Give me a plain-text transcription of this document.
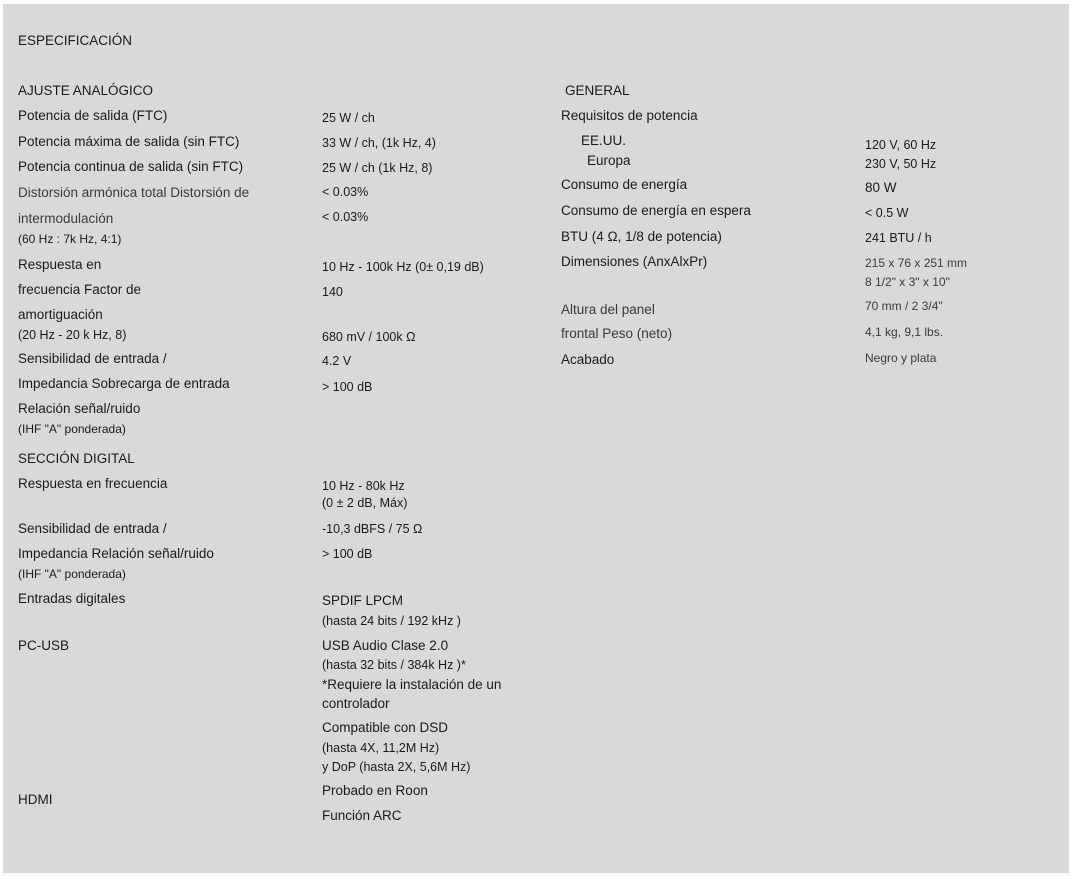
ESPECIFICACIÓN
AJUSTE ANALÓGICO
Potencia de salida (FTC)
Potencia máxima de salida (sin FTC)
Potencia continua de salida (sin FTC)
Distorsión armónica total Distorsión de
intermodulación
(60 Hz : 7k Hz, 4:1)
Respuesta en
frecuencia Factor de
amortiguación
(20 Hz - 20 k Hz, 8)
Sensibilidad de entrada /
Impedancia Sobrecarga de entrada
Relación señal/ruido
(IHF "A" ponderada)
25 W / ch
33 W / ch, (1k Hz, 4)
25 W / ch (1k Hz, 8)
< 0.03%
< 0.03%
10 Hz - 100k Hz (0± 0,19 dB)
140
680 mV / 100k Ω
4.2 V
> 100 dB
SECCIÓN DIGITAL
Respuesta en frecuencia
Sensibilidad de entrada /
Impedancia Relación señal/ruido
(IHF "A" ponderada)
Entradas digitales
PC-USB
HDMI
10 Hz - 80k Hz
(0 ± 2 dB, Máx)
-10,3 dBFS / 75 Ω
> 100 dB
SPDIF LPCM
(hasta 24 bits / 192 kHz )
USB Audio Clase 2.0
(hasta 32 bits / 384k Hz )*
*Requiere la instalación de un
controlador
Compatible con DSD
(hasta 4X, 11,2M Hz)
y DoP (hasta 2X, 5,6M Hz)
Probado en Roon
Función ARC
GENERAL
Requisitos de potencia
EE.UU.
Europa
Consumo de energía
Consumo de energía en espera
BTU (4 Ω, 1/8 de potencia)
Dimensiones (AnxAlxPr)
Altura del panel
frontal Peso (neto)
Acabado
120 V, 60 Hz
230 V, 50 Hz
80 W
< 0.5 W
241 BTU / h
215 x 76 x 251 mm
8 1/2" x 3" x 10"
70 mm / 2 3/4"
4,1 kg, 9,1 lbs.
Negro y plata
